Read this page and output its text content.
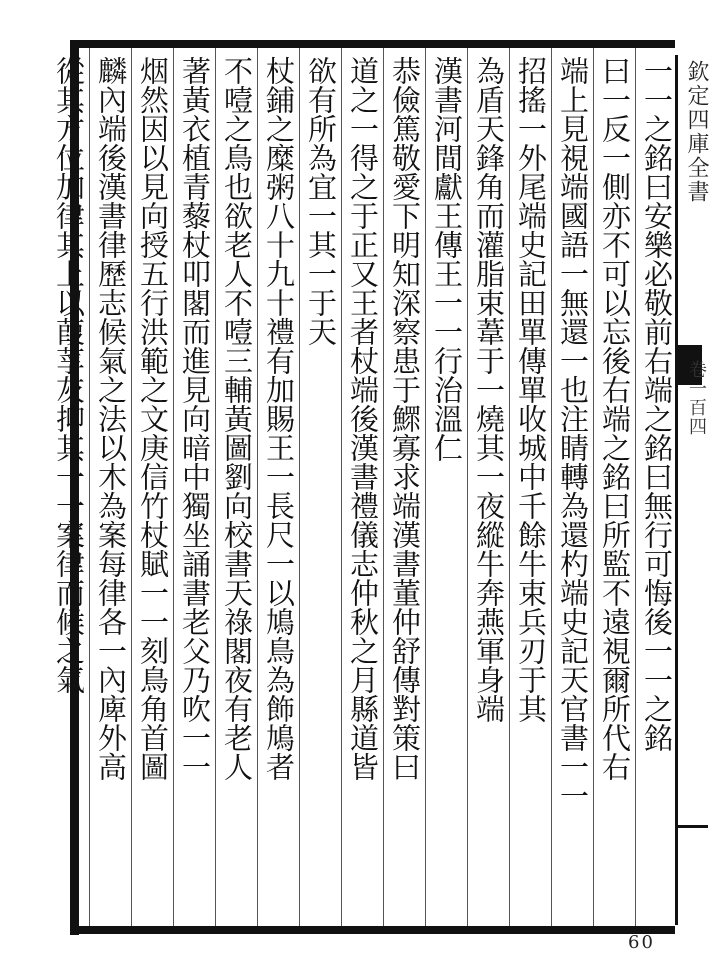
欽定四庫全書
卷一百四
一一之銘曰安樂必敬前右端之銘曰無行可悔後一一之銘
曰一反一側亦不可以忘後右端之銘曰所監不遠視爾所代右
端上見視端國語一無還一也注睛轉為還杓端史記天官書一一
招搖一外尾端史記田單傳單收城中千餘牛束兵刃于其
為盾天鋒角而灌脂束葦于一燒其一夜縱牛奔燕軍身端
漢書河間獻王傳王一一行治溫仁
恭儉篤敬愛下明知深察患于鰥寡求端漢書董仲舒傳對策曰
道之一得之于正又王者杖端後漢書禮儀志仲秋之月縣道皆
欲有所為宜一其一于天
杖鋪之糜粥八十九十禮有加賜王一長尺一以鳩鳥為飾鳩者
不噎之鳥也欲老人不噎三輔黃圖劉向校書天祿閣夜有老人
著黃衣植青藜杖叩閣而進見向暗中獨坐誦書老父乃吹一一
烟然因以見向授五行洪範之文庚信竹杖賦一一刻鳥角首圖
麟內端後漢書律歷志候氣之法以木為案每律各一內庳外高
從其方位加律其上以葭莩灰抑其一一案律而候之氣
60
